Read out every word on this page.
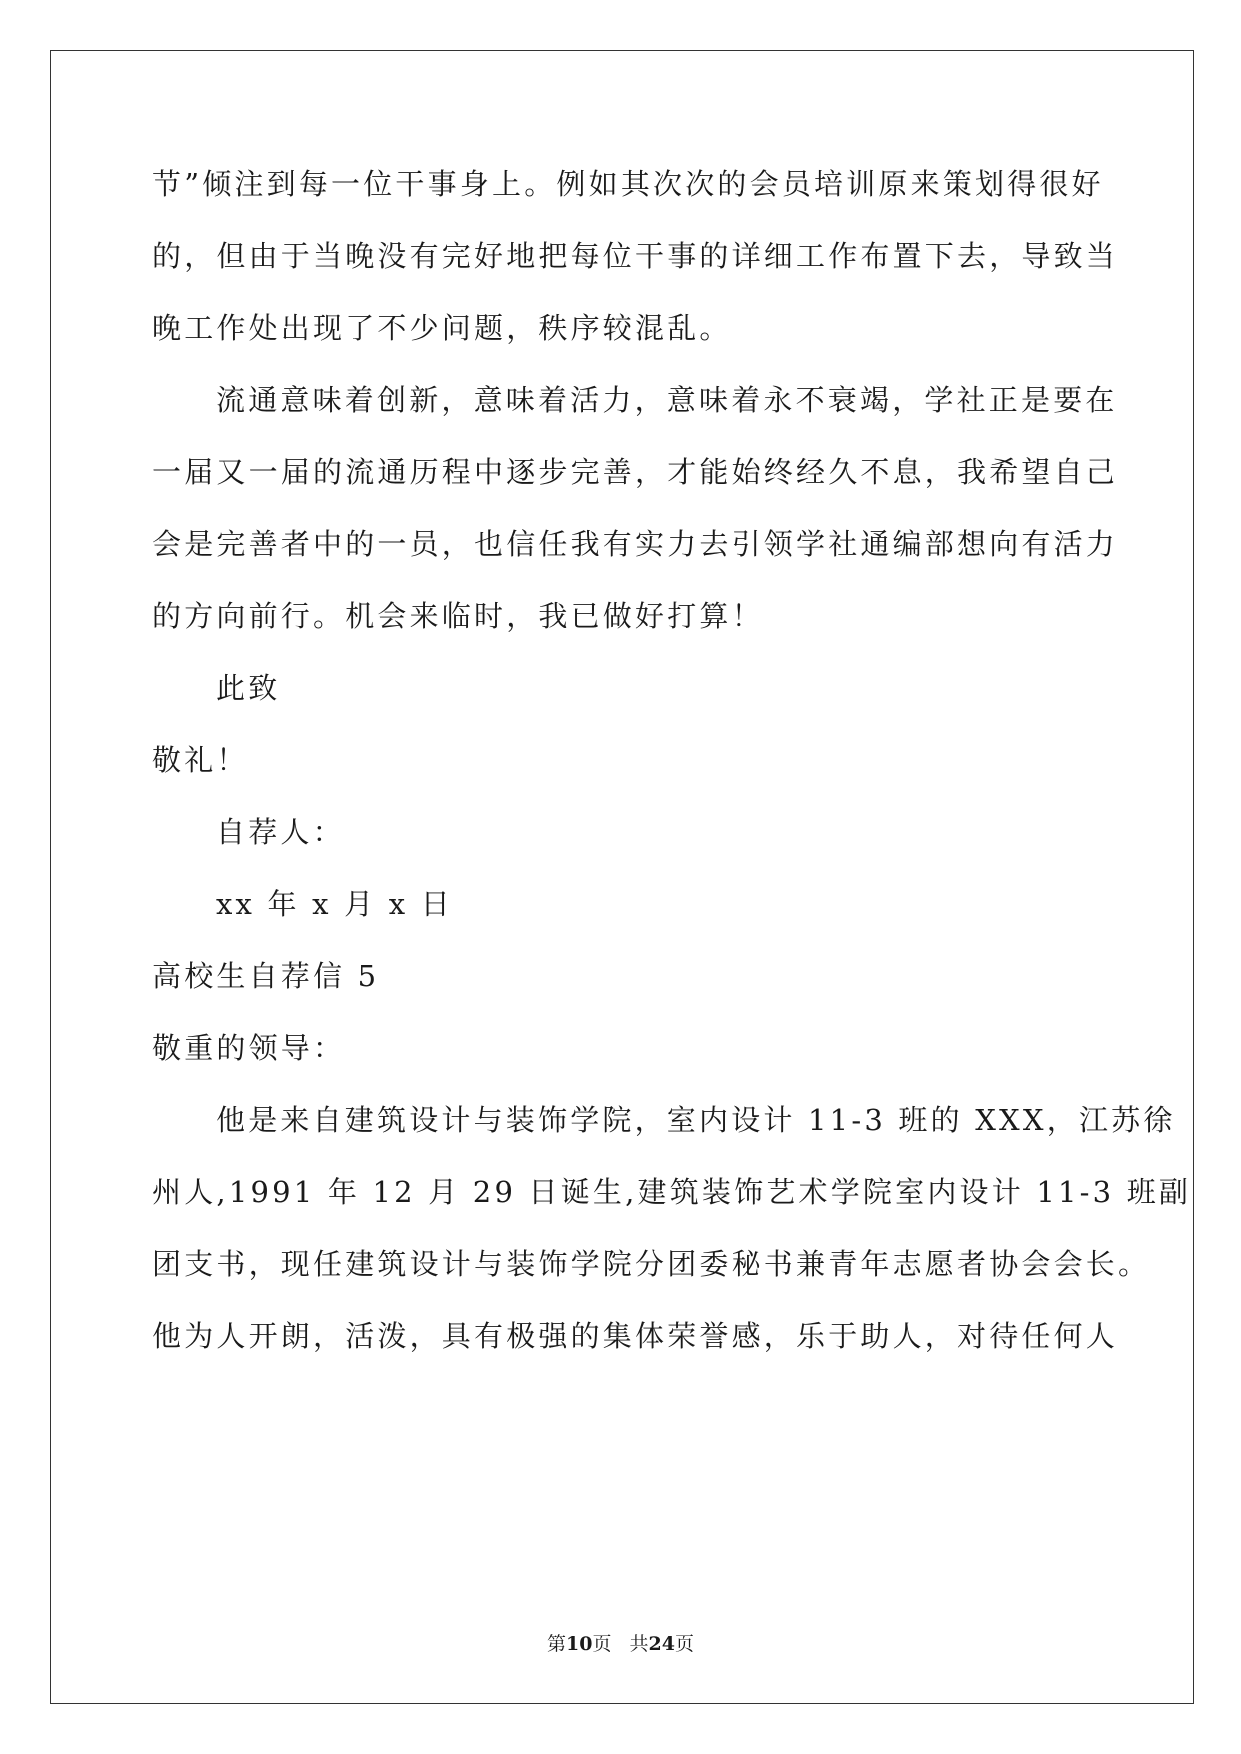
节”倾注到每一位干事身上。例如其次次的会员培训原来策划得很好
的，但由于当晚没有完好地把每位干事的详细工作布置下去，导致当
晚工作处出现了不少问题，秩序较混乱。
流通意味着创新，意味着活力，意味着永不衰竭，学社正是要在
一届又一届的流通历程中逐步完善，才能始终经久不息，我希望自己
会是完善者中的一员，也信任我有实力去引领学社通编部想向有活力
的方向前行。机会来临时，我已做好打算！
此致
敬礼！
自荐人：
xx 年 x 月 x 日
高校生自荐信 5
敬重的领导：
他是来自建筑设计与装饰学院，室内设计 11-3 班的 XXX，江苏徐
州人,1991 年 12 月 29 日诞生,建筑装饰艺术学院室内设计 11-3 班副
团支书，现任建筑设计与装饰学院分团委秘书兼青年志愿者协会会长。
他为人开朗，活泼，具有极强的集体荣誉感，乐于助人，对待任何人
第10页 共24页
